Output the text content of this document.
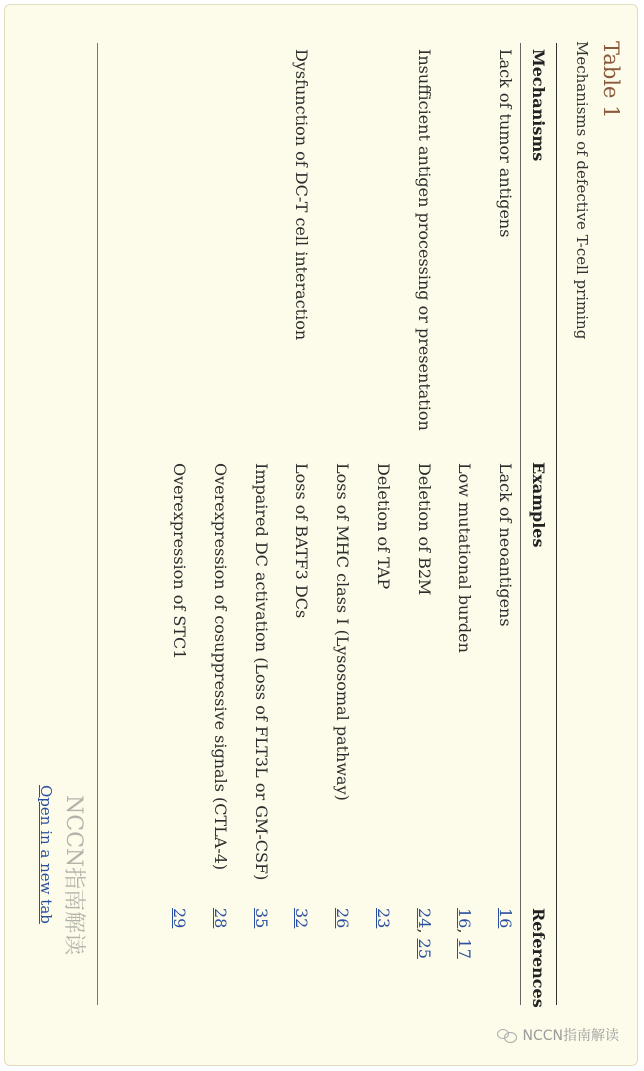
Table 1
Mechanisms of defective T-cell priming
Mechanisms
Examples
References
Lack of tumor antigens
Lack of neoantigens
16
Low mutational burden
16, 17
Insufficient antigen processing or presentation
Deletion of B2M
24, 25
Deletion of TAP
23
Loss of MHC class I (Lysosomal pathway)
26
Dysfunction of DC-T cell interaction
Loss of BATF3 DCs
32
Impaired DC activation (Loss of FLT3L or GM-CSF)
35
Overexpression of cosuppressive signals (CTLA-4)
28
Overexpression of STC1
29
NCCN指南解读
Open in a new tab
NCCN指南解读
